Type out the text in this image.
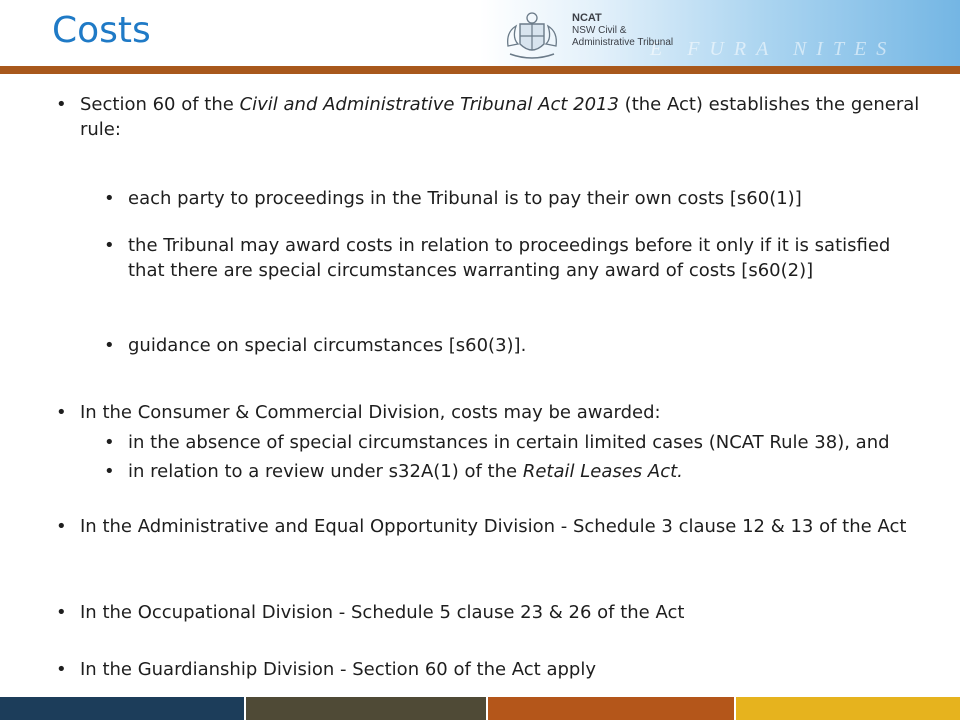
E FURA NITES
Costs	NCAT
NSW Civil &
Administrative Tribunal
• Section 60 of the Civil and Administrative Tribunal Act 2013 (the Act) establishes the general rule:
• each party to proceedings in the Tribunal is to pay their own costs [s60(1)]
• the Tribunal may award costs in relation to proceedings before it only if it is satisfied that there are special circumstances warranting any award of costs [s60(2)]
• guidance on special circumstances [s60(3)].
• In the Consumer & Commercial Division, costs may be awarded:
• in the absence of special circumstances in certain limited cases (NCAT Rule 38), and
• in relation to a review under s32A(1) of the Retail Leases Act.
• In the Administrative and Equal Opportunity Division - Schedule 3 clause 12 & 13 of the Act
• In the Occupational Division - Schedule 5 clause 23 & 26 of the Act
• In the Guardianship Division - Section 60 of the Act apply
